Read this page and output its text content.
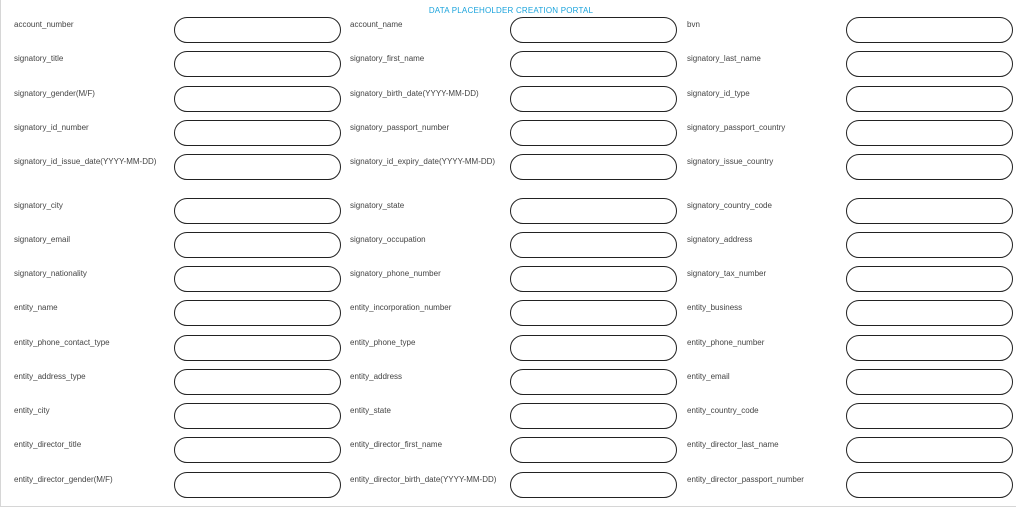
DATA PLACEHOLDER CREATION PORTAL
account_number	account_name	bvn
signatory_title	signatory_first_name	signatory_last_name
signatory_gender(M/F)	signatory_birth_date(YYYY-MM-DD)	signatory_id_type
signatory_id_number	signatory_passport_number	signatory_passport_country
signatory_id_issue_date(YYYY-MM-DD)	signatory_id_expiry_date(YYYY-MM-DD)	signatory_issue_country
signatory_city	signatory_state	signatory_country_code
signatory_email	signatory_occupation	signatory_address
signatory_nationality	signatory_phone_number	signatory_tax_number
entity_name	entity_incorporation_number	entity_business
entity_phone_contact_type	entity_phone_type	entity_phone_number
entity_address_type	entity_address	entity_email
entity_city	entity_state	entity_country_code
entity_director_title	entity_director_first_name	entity_director_last_name
entity_director_gender(M/F)	entity_director_birth_date(YYYY-MM-DD)	entity_director_passport_number
